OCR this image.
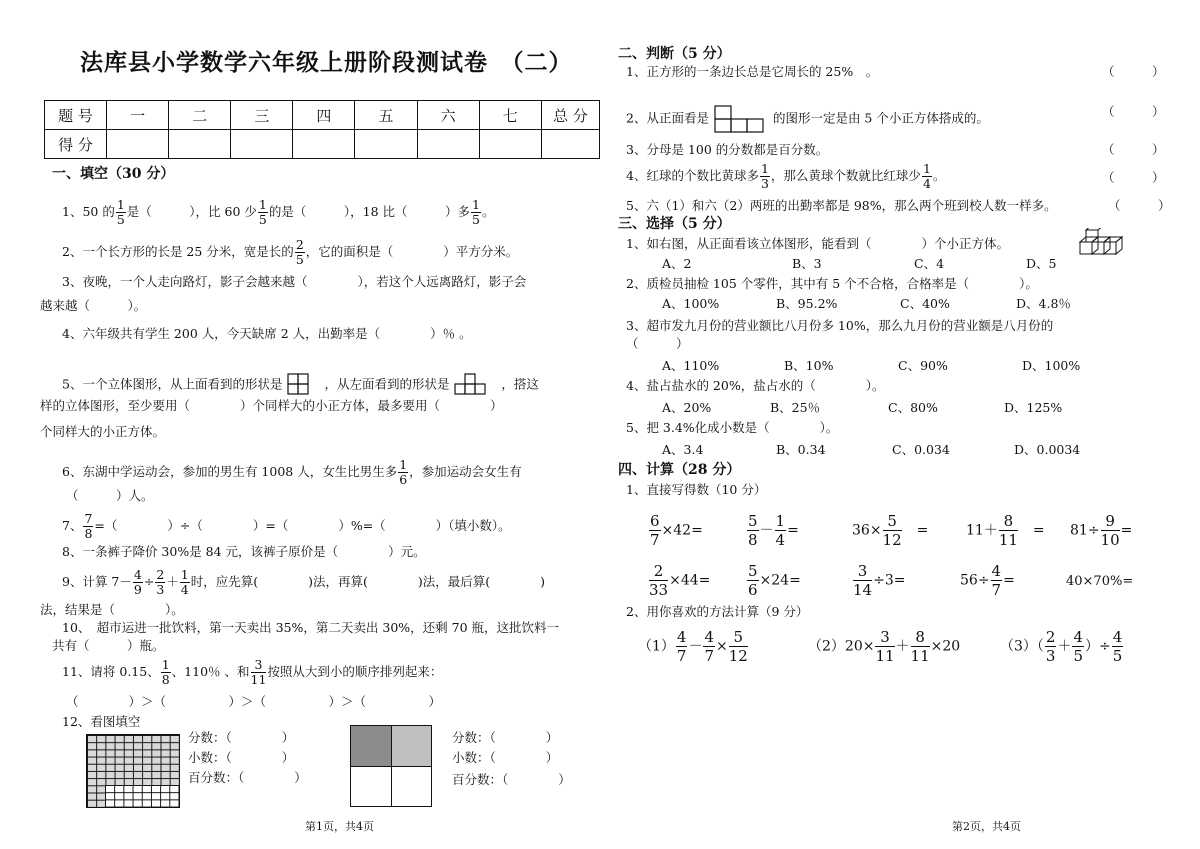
法库县小学数学六年级上册阶段测试卷　（二）
题 号	一	二	三	四	五	六	七	总 分
得 分								
一、填空（30 分）
1、50 的 $\frac{1}{5}$ 是（　　　），比 60 少 $\frac{1}{5}$ 的是（　　　），18 比（　　　）多 $\frac{1}{5}$ 。
2、一个长方形的长是 25 分米，宽是长的 $\frac{2}{5}$ ，它的面积是（　　　　）平方分米。
3、夜晚，一个人走向路灯，影子会越来越（　　　　），若这个人远离路灯，影子会
越来越（　　　）。
4、六年级共有学生 200 人，今天缺席 2 人，出勤率是（　　　　）％ 。
5、一个立体图形，从上面看到的形状是	，从左面看到的形状是	，搭这
样的立体图形，至少要用（　　　　）个同样大的小正方体，最多要用（　　　　）
个同样大的小正方体。
6、东湖中学运动会，参加的男生有 1008 人，女生比男生多 $\frac{1}{6}$ ，参加运动会女生有
（　　　）人。
7、 $\frac{7}{8}$ =（　　　　）÷（　　　　）=（　　　　）%=（　　　　）（填小数）。
8、一条裤子降价 30%是 84 元，该裤子原价是（　　　　）元。
9、计算 $7- \frac{4}{9} \div \frac{2}{3} + \frac{1}{4}$ 时，应先算(　　　　)法，再算(　　　　)法，最后算(　　　　)
法，结果是（　　　　）。
10、　超市运进一批饮料，第一天卖出 35%，第二天卖出 30%，还剩 70 瓶，这批饮料一
共有（　　　）瓶。
11、请将 0.15、 $\frac{1}{8}$ 、110％ 、和 $\frac{3}{11}$ 按照从大到小的顺序排列起来：
（　　　　）＞（　　　　　）＞（　　　　　）＞（　　　　　）
12、看图填空
分数：（　　　　）
小数：（　　　　）
百分数：（　　　　）
分数：（　　　　）
小数：（　　　　）
百分数：（　　　　）
第1页，共4页
二、判断（5 分）
1、正方形的一条边长总是它周长的 25%　。	（　　　）
2、从正面看是	的图形一定是由 5 个小正方体搭成的。	（　　　）
3、分母是 100 的分数都是百分数。	（　　　）
4、红球的个数比黄球多 $\frac{1}{3}$ ，那么黄球个数就比红球少 $\frac{1}{4}$ 。	（　　　）
5、六（1）和六（2）两班的出勤率都是 98%，那么两个班到校人数一样多。	（　　　）
三、选择（5 分）
1、如右图，从正面看该立体图形，能看到（　　　　）个小正方体。
A、2	B、3	C、4	D、5
2、质检员抽检 105 个零件，其中有 5 个不合格，合格率是（　　　　）。
A、100%	B、95.2%	C、40%	D、4.8％
3、超市发九月份的营业额比八月份多 10%，那么九月份的营业额是八月份的
（　　　）
A、110%	B、10%	C、90%	D、100%
4、盐占盐水的 20%，盐占水的（　　　　）。
A、20%	B、25％	C、80%	D、125%
5、把 3.4%化成小数是（　　　　）。
A、3.4	B、0.34	C、0.034	D、0.0034
四、计算（28 分）
1、直接写得数（10 分）
$\frac{6}{7} \times 42=$	$\frac{5}{8} - \frac{1}{4}$ =	$36\times \frac{5}{12}$ 　=	$11+ \frac{8}{11}$ 　= $81\div \frac{9}{10}$ =
$\frac{2}{33} \times 44= \frac{5}{6} \times 24=$	$\frac{3}{14} \div 3=$	$56\div \frac{4}{7}$ =	40×70%=
2、用你喜欢的方法计算（9 分）
$(1) \frac{4}{7} - \frac{4}{7} \times \frac{5}{12}$	$(2)20\times \frac{3}{11} + \frac{8}{11} \times 20$	$(3)( \frac{2}{3} + \frac{4}{5}$ ）÷ $\frac{4}{5}$
第2页，共4页
